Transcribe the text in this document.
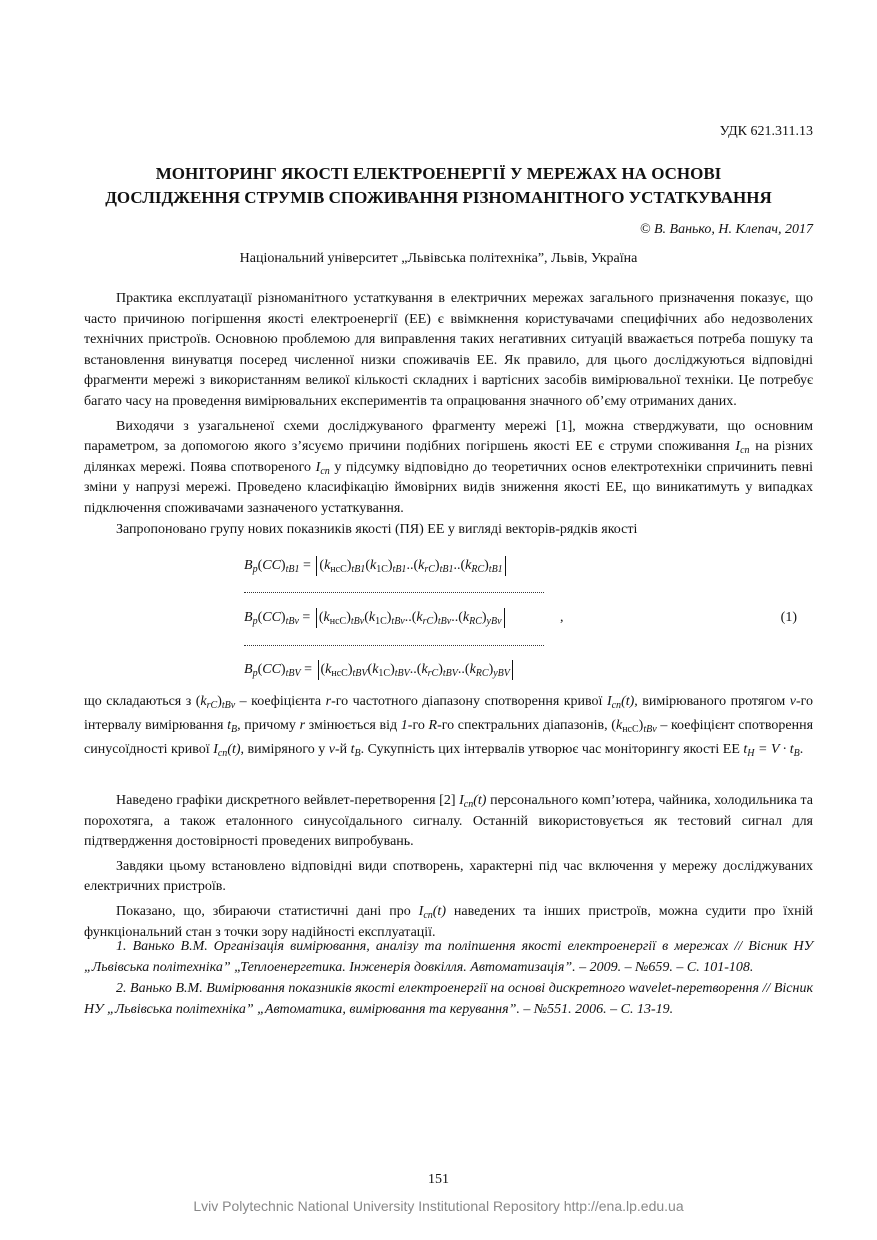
УДК 621.311.13
МОНІТОРИНГ ЯКОСТІ ЕЛЕКТРОЕНЕРГІЇ У МЕРЕЖАХ НА ОСНОВІ
ДОСЛІДЖЕННЯ СТРУМІВ СПОЖИВАННЯ РІЗНОМАНІТНОГО УСТАТКУВАННЯ
© В. Ванько, Н. Клепач, 2017
Національний університет „Львівська політехніка”, Львів, Україна

Практика експлуатації різноманітного устаткування в електричних мережах загального призначення показує, що часто причиною погіршення якості електроенергії (ЕЕ) є ввімкнення користувачами специфічних або недозволених технічних пристроїв. Основною проблемою для виправлення таких негативних ситуацій вважається потреба пошуку та встановлення винуватця посеред численної низки споживачів ЕЕ. Як правило, для цього досліджуються відповідні фрагменти мережі з використанням великої кількості складних і вартісних засобів вимірювальної техніки. Це потребує багато часу на проведення вимірювальних експериментів та опрацювання значного об’єму отриманих даних.

Виходячи з узагальненої схеми досліджуваного фрагменту мережі [1], можна стверджувати, що основним параметром, за допомогою якого з’ясуємо причини подібних погіршень якості ЕЕ є струми споживання $I_{сп}$ на різних ділянках мережі. Поява спотвореного $I_{сп}$ у підсумку відповідно до теоретичних основ електротехніки спричинить певні зміни у напрузі мережі. Проведено класифікацію ймовірних видів зниження якості ЕЕ, що виникатимуть у випадках підключення споживачами зазначеного устаткування.

Запропоновано групу нових показників якості (ПЯ) ЕЕ у вигляді векторів-рядків якості

$B_p(CC)_{tB1} = (k_{нсC})_{tB1}(k_{1C})_{tB1}..(k_{rC})_{tB1}..(k_{RC})_{tB1}$
$B_p(CC)_{tBv} = (k_{нсC})_{tBv}(k_{1C})_{tBv}..(k_{rC})_{tBv}..(k_{RC})_{yBv}$	,	(1)
$B_p(CC)_{tBV} = (k_{нсC})_{tBV}(k_{1C})_{tBV}..(k_{rC})_{tBV}..(k_{RC})_{yBV}$

що складаються з $(k_{rC})_{tBv}$ – коефіцієнта r-го частотного діапазону спотворення кривої $I_{сп}(t)$, вимірюваного протягом v-го інтервалу вимірювання $t_B$, причому r змінюється від 1-го R-го спектральних діапазонів, $(k_{нсC})_{tBv}$ – коефіцієнт спотворення синусоїдності кривої $I_{сп}(t)$, виміряного у v-й $t_B$. Сукупність цих інтервалів утворює час моніторингу якості ЕЕ $t_H = V \cdot t_B$.

Наведено графіки дискретного вейвлет-перетворення [2] $I_{сп}(t)$ персонального комп’ютера, чайника, холодильника та порохотяга, а також еталонного синусоїдального сигналу. Останній використовується як тестовий сигнал для підтвердження достовірності проведених випробувань.

Завдяки цьому встановлено відповідні види спотворень, характерні під час включення у мережу досліджуваних електричних пристроїв.

Показано, що, збираючи статистичні дані про $I_{сп}(t)$ наведених та інших пристроїв, можна судити про їхній функціональний стан з точки зору надійності експлуатації.

1. Ванько В.М. Організація вимірювання, аналізу та поліпшення якості електроенергії в мережах // Вісник НУ „Львівська політехніка” „Теплоенергетика. Інженерія довкілля. Автоматизація”. – 2009. – №659. – С. 101-108.

2. Ванько В.М. Вимірювання показників якості електроенергії на основі дискретного wavelet-перетворення // Вісник НУ „Львівська політехніка” „Автоматика, вимірювання та керування”. – №551. 2006. – С. 13-19.

151
Lviv Polytechnic National University Institutional Repository http://ena.lp.edu.ua
